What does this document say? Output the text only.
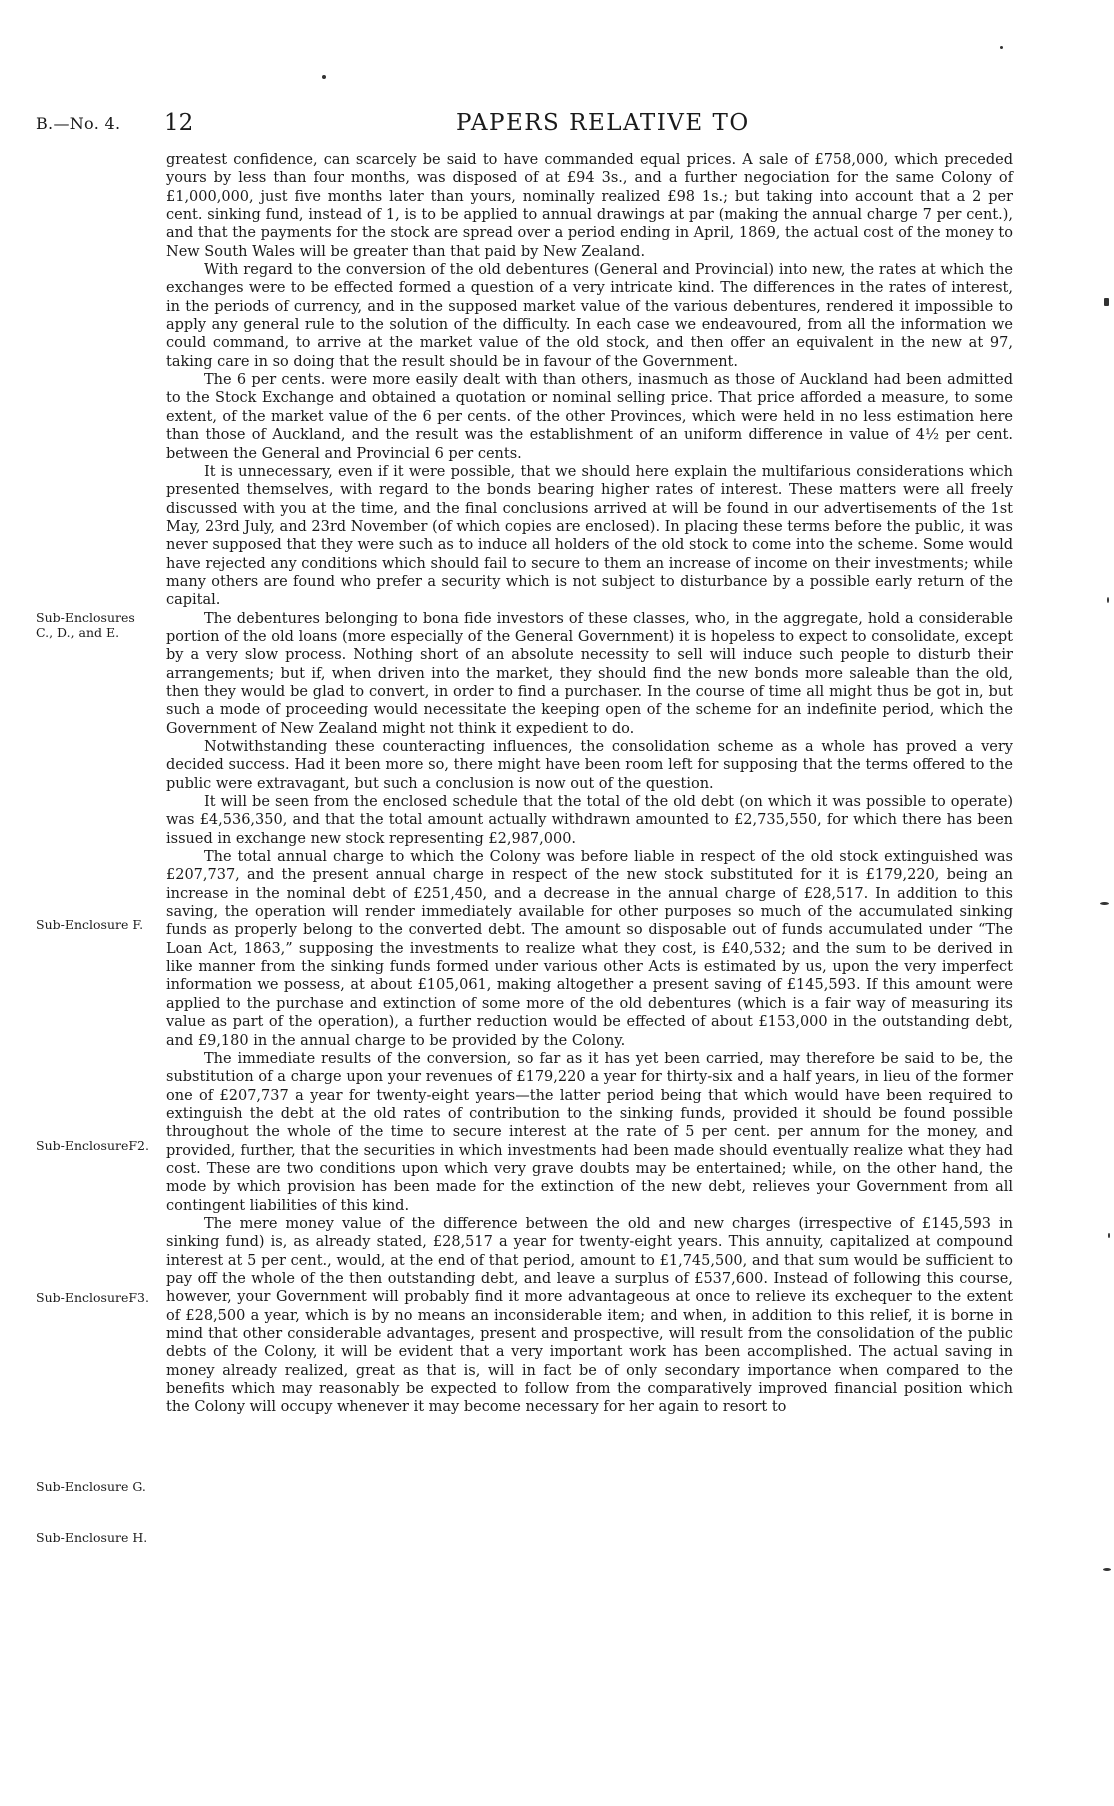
B.—No. 4. 12	PAPERS RELATIVE TO
Sub-Enclosures
C., D., and E.
Sub-Enclosure F.
Sub-EnclosureF2.
Sub-EnclosureF3.
Sub-Enclosure G.
Sub-Enclosure H.

greatest confidence, can scarcely be said to have commanded equal prices. A sale of £758,000, which preceded yours by less than four months, was disposed of at £94 3s., and a further negociation for the same Colony of £1,000,000, just five months later than yours, nominally realized £98 1s.; but taking into account that a 2 per cent. sinking fund, instead of 1, is to be applied to annual drawings at par (making the annual charge 7 per cent.), and that the payments for the stock are spread over a period ending in April, 1869, the actual cost of the money to New South Wales will be greater than that paid by New Zealand.

With regard to the conversion of the old debentures (General and Provincial) into new, the rates at which the exchanges were to be effected formed a question of a very intricate kind. The differences in the rates of interest, in the periods of currency, and in the supposed market value of the various debentures, rendered it impossible to apply any general rule to the solution of the difficulty. In each case we endeavoured, from all the information we could command, to arrive at the market value of the old stock, and then offer an equivalent in the new at 97, taking care in so doing that the result should be in favour of the Government.

The 6 per cents. were more easily dealt with than others, inasmuch as those of Auckland had been admitted to the Stock Exchange and obtained a quotation or nominal selling price. That price afforded a measure, to some extent, of the market value of the 6 per cents. of the other Provinces, which were held in no less estimation here than those of Auckland, and the result was the establishment of an uniform difference in value of 4½ per cent. between the General and Provincial 6 per cents.

It is unnecessary, even if it were possible, that we should here explain the multifarious considerations which presented themselves, with regard to the bonds bearing higher rates of interest. These matters were all freely discussed with you at the time, and the final conclusions arrived at will be found in our advertisements of the 1st May, 23rd July, and 23rd November (of which copies are enclosed). In placing these terms before the public, it was never supposed that they were such as to induce all holders of the old stock to come into the scheme. Some would have rejected any conditions which should fail to secure to them an increase of income on their investments; while many others are found who prefer a security which is not subject to disturbance by a possible early return of the capital.

The debentures belonging to bona fide investors of these classes, who, in the aggregate, hold a considerable portion of the old loans (more especially of the General Government) it is hopeless to expect to consolidate, except by a very slow process. Nothing short of an absolute necessity to sell will induce such people to disturb their arrangements; but if, when driven into the market, they should find the new bonds more saleable than the old, then they would be glad to convert, in order to find a purchaser. In the course of time all might thus be got in, but such a mode of proceeding would necessitate the keeping open of the scheme for an indefinite period, which the Government of New Zealand might not think it expedient to do.

Notwithstanding these counteracting influences, the consolidation scheme as a whole has proved a very decided success. Had it been more so, there might have been room left for supposing that the terms offered to the public were extravagant, but such a conclusion is now out of the question.

It will be seen from the enclosed schedule that the total of the old debt (on which it was possible to operate) was £4,536,350, and that the total amount actually withdrawn amounted to £2,735,550, for which there has been issued in exchange new stock representing £2,987,000.

The total annual charge to which the Colony was before liable in respect of the old stock extinguished was £207,737, and the present annual charge in respect of the new stock substituted for it is £179,220, being an increase in the nominal debt of £251,450, and a decrease in the annual charge of £28,517. In addition to this saving, the operation will render immediately available for other purposes so much of the accumulated sinking funds as properly belong to the converted debt. The amount so disposable out of funds accumulated under “The Loan Act, 1863,” supposing the investments to realize what they cost, is £40,532; and the sum to be derived in like manner from the sinking funds formed under various other Acts is estimated by us, upon the very imperfect information we possess, at about £105,061, making altogether a present saving of £145,593. If this amount were applied to the purchase and extinction of some more of the old debentures (which is a fair way of measuring its value as part of the operation), a further reduction would be effected of about £153,000 in the outstanding debt, and £9,180 in the annual charge to be provided by the Colony.

The immediate results of the conversion, so far as it has yet been carried, may therefore be said to be, the substitution of a charge upon your revenues of £179,220 a year for thirty-six and a half years, in lieu of the former one of £207,737 a year for twenty-eight years—the latter period being that which would have been required to extinguish the debt at the old rates of contribution to the sinking funds, provided it should be found possible throughout the whole of the time to secure interest at the rate of 5 per cent. per annum for the money, and provided, further, that the securities in which investments had been made should eventually realize what they had cost. These are two conditions upon which very grave doubts may be entertained; while, on the other hand, the mode by which provision has been made for the extinction of the new debt, relieves your Government from all contingent liabilities of this kind.

The mere money value of the difference between the old and new charges (irrespective of £145,593 in sinking fund) is, as already stated, £28,517 a year for twenty-eight years. This annuity, capitalized at compound interest at 5 per cent., would, at the end of that period, amount to £1,745,500, and that sum would be sufficient to pay off the whole of the then outstanding debt, and leave a surplus of £537,600. Instead of following this course, however, your Government will probably find it more advantageous at once to relieve its exchequer to the extent of £28,500 a year, which is by no means an inconsiderable item; and when, in addition to this relief, it is borne in mind that other considerable advantages, present and prospective, will result from the consolidation of the public debts of the Colony, it will be evident that a very important work has been accomplished. The actual saving in money already realized, great as that is, will in fact be of only secondary importance when compared to the benefits which may reasonably be expected to follow from the comparatively improved financial position which the Colony will occupy whenever it may become necessary for her again to resort to
